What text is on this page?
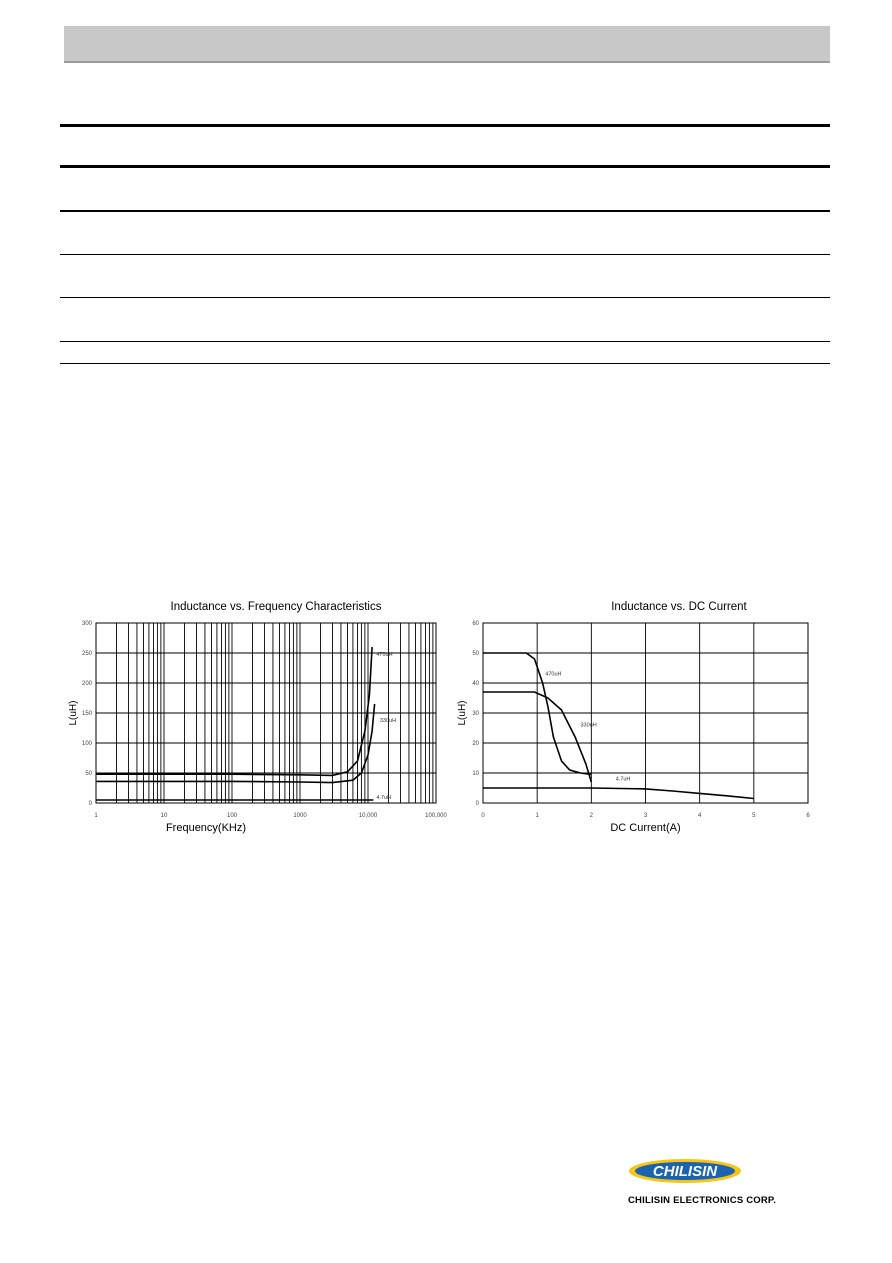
Inductance vs. Frequency Characteristics
1	10	100	1000	10,000	100,000
0
50
100
150
200
250
300
Frequency(KHz)
L(uH)
470uH
330uH
4.7uH
Inductance vs. DC Current
0	1	2	3	4	5	6
0
10
20
30
40
50
60
DC Current(A)
L(uH)
470uH
330uH
4.7uH
CHILISIN
CHILISIN ELECTRONICS CORP.
